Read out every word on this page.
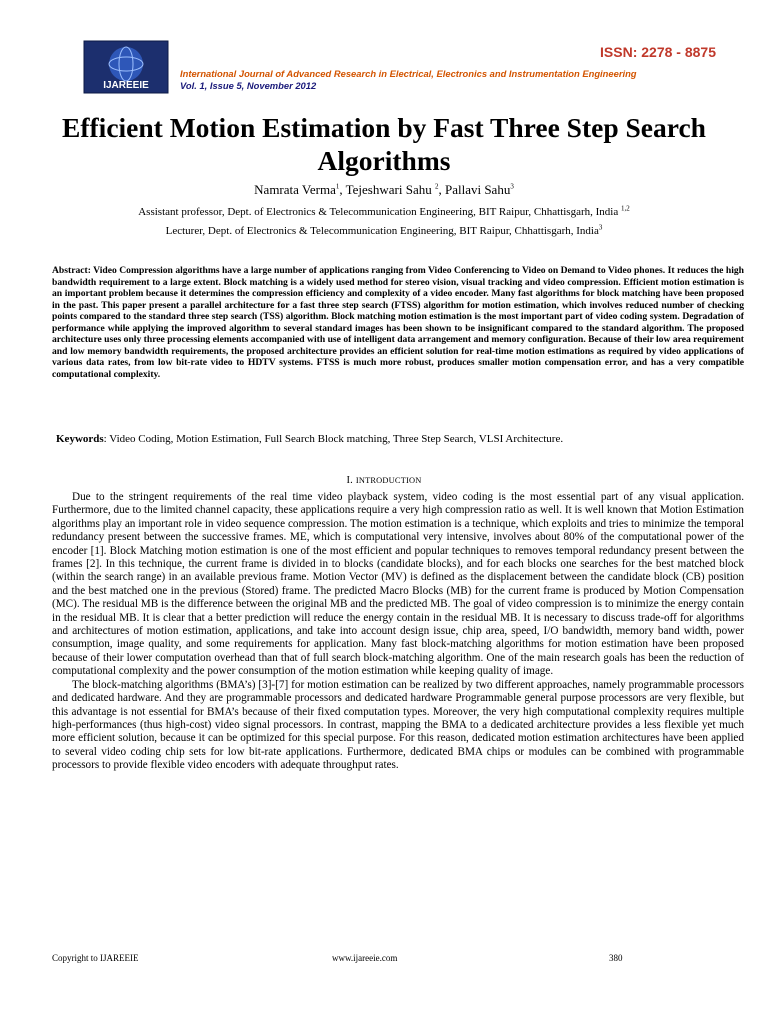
ISSN: 2278 - 8875
IJAREEIE
International Journal of Advanced Research in Electrical, Electronics and Instrumentation Engineering
Vol. 1, Issue 5, November 2012
Efficient Motion Estimation by Fast Three Step Search Algorithms
Namrata Verma$^1$, Tejeshwari Sahu $^2$, Pallavi Sahu$^3$
Assistant professor, Dept. of Electronics & Telecommunication Engineering, BIT Raipur, Chhattisgarh, India $^{1,2}$
Lecturer, Dept. of Electronics & Telecommunication Engineering, BIT Raipur, Chhattisgarh, India$^3$
Abstract: Video Compression algorithms have a large number of applications ranging from Video Conferencing to Video on Demand to Video phones. It reduces the high bandwidth requirement to a large extent. Block matching is a widely used method for stereo vision, visual tracking and video compression. Efficient motion estimation is an important problem because it determines the compression efficiency and complexity of a video encoder. Many fast algorithms for block matching have been proposed in the past. This paper present a parallel architecture for a fast three step search (FTSS) algorithm for motion estimation, which involves reduced number of checking points compared to the standard three step search (TSS) algorithm. Block matching motion estimation is the most important part of video coding system. Degradation of performance while applying the improved algorithm to several standard images has been shown to be insignificant compared to the standard algorithm. The proposed architecture uses only three processing elements accompanied with use of intelligent data arrangement and memory configuration. Because of their low area requirement and low memory bandwidth requirements, the proposed architecture provides an efficient solution for real-time motion estimations as required by video applications of various data rates, from low bit-rate video to HDTV systems. FTSS is much more robust, produces smaller motion compensation error, and has a very compatible computational complexity.
Keywords: Video Coding, Motion Estimation, Full Search Block matching, Three Step Search, VLSI Architecture.
I. INTRODUCTION

Due to the stringent requirements of the real time video playback system, video coding is the most essential part of any visual application. Furthermore, due to the limited channel capacity, these applications require a very high compression ratio as well. It is well known that Motion Estimation algorithms play an important role in video sequence compression. The motion estimation is a technique, which exploits and tries to minimize the temporal redundancy present between the successive frames. ME, which is computational very intensive, involves about 80% of the computational power of the encoder [1]. Block Matching motion estimation is one of the most efficient and popular techniques to removes temporal redundancy present between the frames [2]. In this technique, the current frame is divided in to blocks (candidate blocks), and for each blocks one searches for the best matched block (within the search range) in an available previous frame. Motion Vector (MV) is defined as the displacement between the candidate block (CB) position and the best matched one in the previous (Stored) frame. The predicted Macro Blocks (MB) for the current frame is produced by Motion Compensation (MC). The residual MB is the difference between the original MB and the predicted MB. The goal of video compression is to minimize the energy contain in the residual MB. It is clear that a better prediction will reduce the energy contain in the residual MB. It is necessary to discuss trade-off for algorithms and architectures of motion estimation, applications, and take into account design issue, chip area, speed, I/O bandwidth, memory band width, power consumption, image quality, and some requirements for application. Many fast block-matching algorithms for motion estimation have been proposed because of their lower computation overhead than that of full search block-matching algorithm. One of the main research goals has been the reduction of computational complexity and the power consumption of the motion estimation while keeping quality of image.

The block-matching algorithms (BMA’s) [3]-[7] for motion estimation can be realized by two different approaches, namely programmable processors and dedicated hardware. And they are programmable processors and dedicated hardware Programmable general purpose processors are very flexible, but this advantage is not essential for BMA’s because of their fixed computation types. Moreover, the very high computational complexity requires multiple high-performances (thus high-cost) video signal processors. In contrast, mapping the BMA to a dedicated architecture provides a less flexible yet much more efficient solution, because it can be optimized for this special purpose. For this reason, dedicated motion estimation architectures have been applied to several video coding chip sets for low bit-rate applications. Furthermore, dedicated BMA chips or modules can be combined with programmable processors to provide flexible video encoders with adequate throughput rates.

Copyright to IJAREEIE	www.ijareeie.com	380
